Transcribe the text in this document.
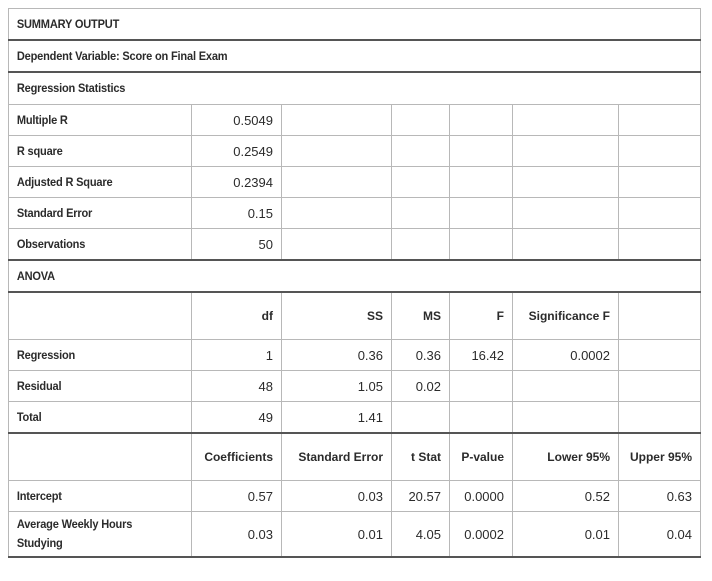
SUMMARY OUTPUT						
Dependent Variable: Score on Final Exam						
Regression Statistics						
Multiple R	0.5049					
R square	0.2549					
Adjusted R Square	0.2394					
Standard Error	0.15					
Observations	50					
ANOVA						
	df	SS	MS	F	Significance F	
Regression	1	0.36	0.36	16.42	0.0002	
Residual	48	1.05	0.02			
Total	49	1.41				
	Coefficients	Standard Error	t Stat	P-value	Lower 95%	Upper 95%
Intercept	0.57	0.03	20.57	0.0000	0.52	0.63
Average Weekly Hours Studying	0.03	0.01	4.05	0.0002	0.01	0.04
